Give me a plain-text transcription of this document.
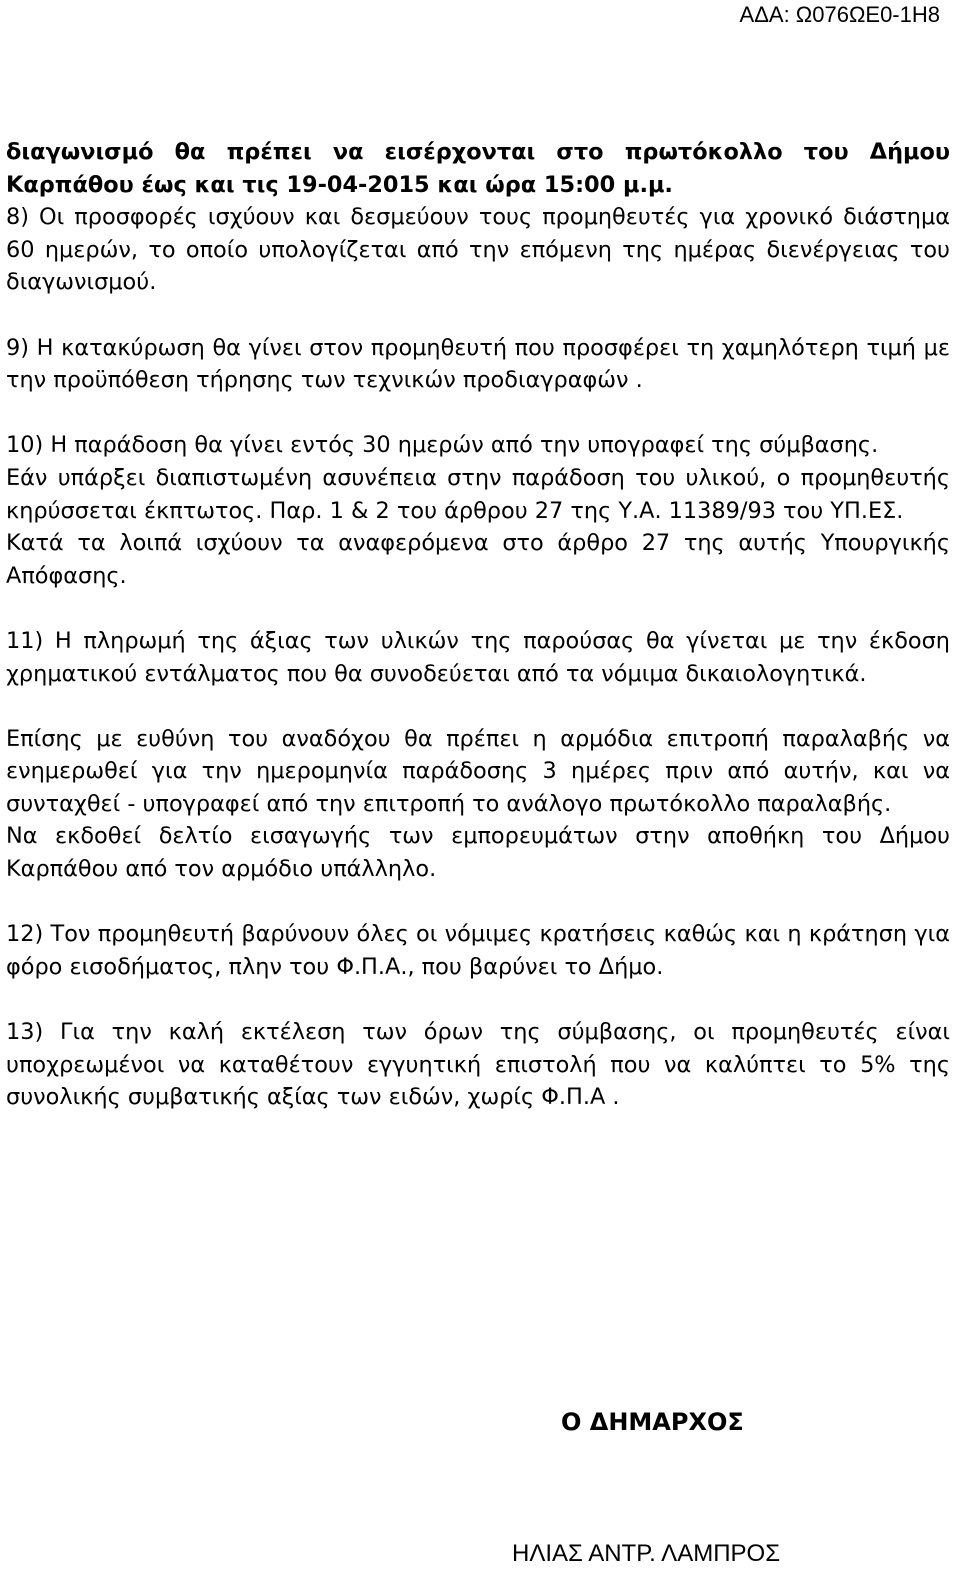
ΑΔΑ: Ω076ΩΕ0-1Η8

διαγωνισμό θα πρέπει να εισέρχονται στο πρωτόκολλο του Δήμου Καρπάθου έως και τις 19-04-2015 και ώρα 15:00 μ.μ.

8) Οι προσφορές ισχύουν και δεσμεύουν τους προμηθευτές για χρονικό διάστημα 60 ημερών, το οποίο υπολογίζεται από την επόμενη της ημέρας διενέργειας του διαγωνισμού.

9) Η κατακύρωση θα γίνει στον προμηθευτή που προσφέρει τη χαμηλότερη τιμή με την προϋπόθεση τήρησης των τεχνικών προδιαγραφών .

10) Η παράδοση θα γίνει εντός 30 ημερών από την υπογραφεί της σύμβασης.

Εάν υπάρξει διαπιστωμένη ασυνέπεια στην παράδοση του υλικού, ο προμηθευτής κηρύσσεται έκπτωτος. Παρ. 1 & 2 του άρθρου 27 της Υ.Α. 11389/93 του ΥΠ.ΕΣ.

Κατά τα λοιπά ισχύουν τα αναφερόμενα στο άρθρο 27 της αυτής Υπουργικής Απόφασης.

11) Η πληρωμή της άξιας των υλικών της παρούσας θα γίνεται με την έκδοση χρηματικού εντάλματος που θα συνοδεύεται από τα νόμιμα δικαιολογητικά.

Επίσης με ευθύνη του αναδόχου θα πρέπει η αρμόδια επιτροπή παραλαβής να ενημερωθεί για την ημερομηνία παράδοσης 3 ημέρες πριν από αυτήν, και να συνταχθεί - υπογραφεί από την επιτροπή το ανάλογο πρωτόκολλο παραλαβής.

Να εκδοθεί δελτίο εισαγωγής των εμπορευμάτων στην αποθήκη του Δήμου Καρπάθου από τον αρμόδιο υπάλληλο.

12) Τον προμηθευτή βαρύνουν όλες οι νόμιμες κρατήσεις καθώς και η κράτηση για φόρο εισοδήματος, πλην του Φ.Π.Α., που βαρύνει το Δήμο.

13) Για την καλή εκτέλεση των όρων της σύμβασης, οι προμηθευτές είναι υποχρεωμένοι να καταθέτουν εγγυητική επιστολή που να καλύπτει το 5% της συνολικής συμβατικής αξίας των ειδών, χωρίς Φ.Π.Α .

Ο ΔΗΜΑΡΧΟΣ
ΗΛΙΑΣ ΑΝΤΡ. ΛΑΜΠΡΟΣ
